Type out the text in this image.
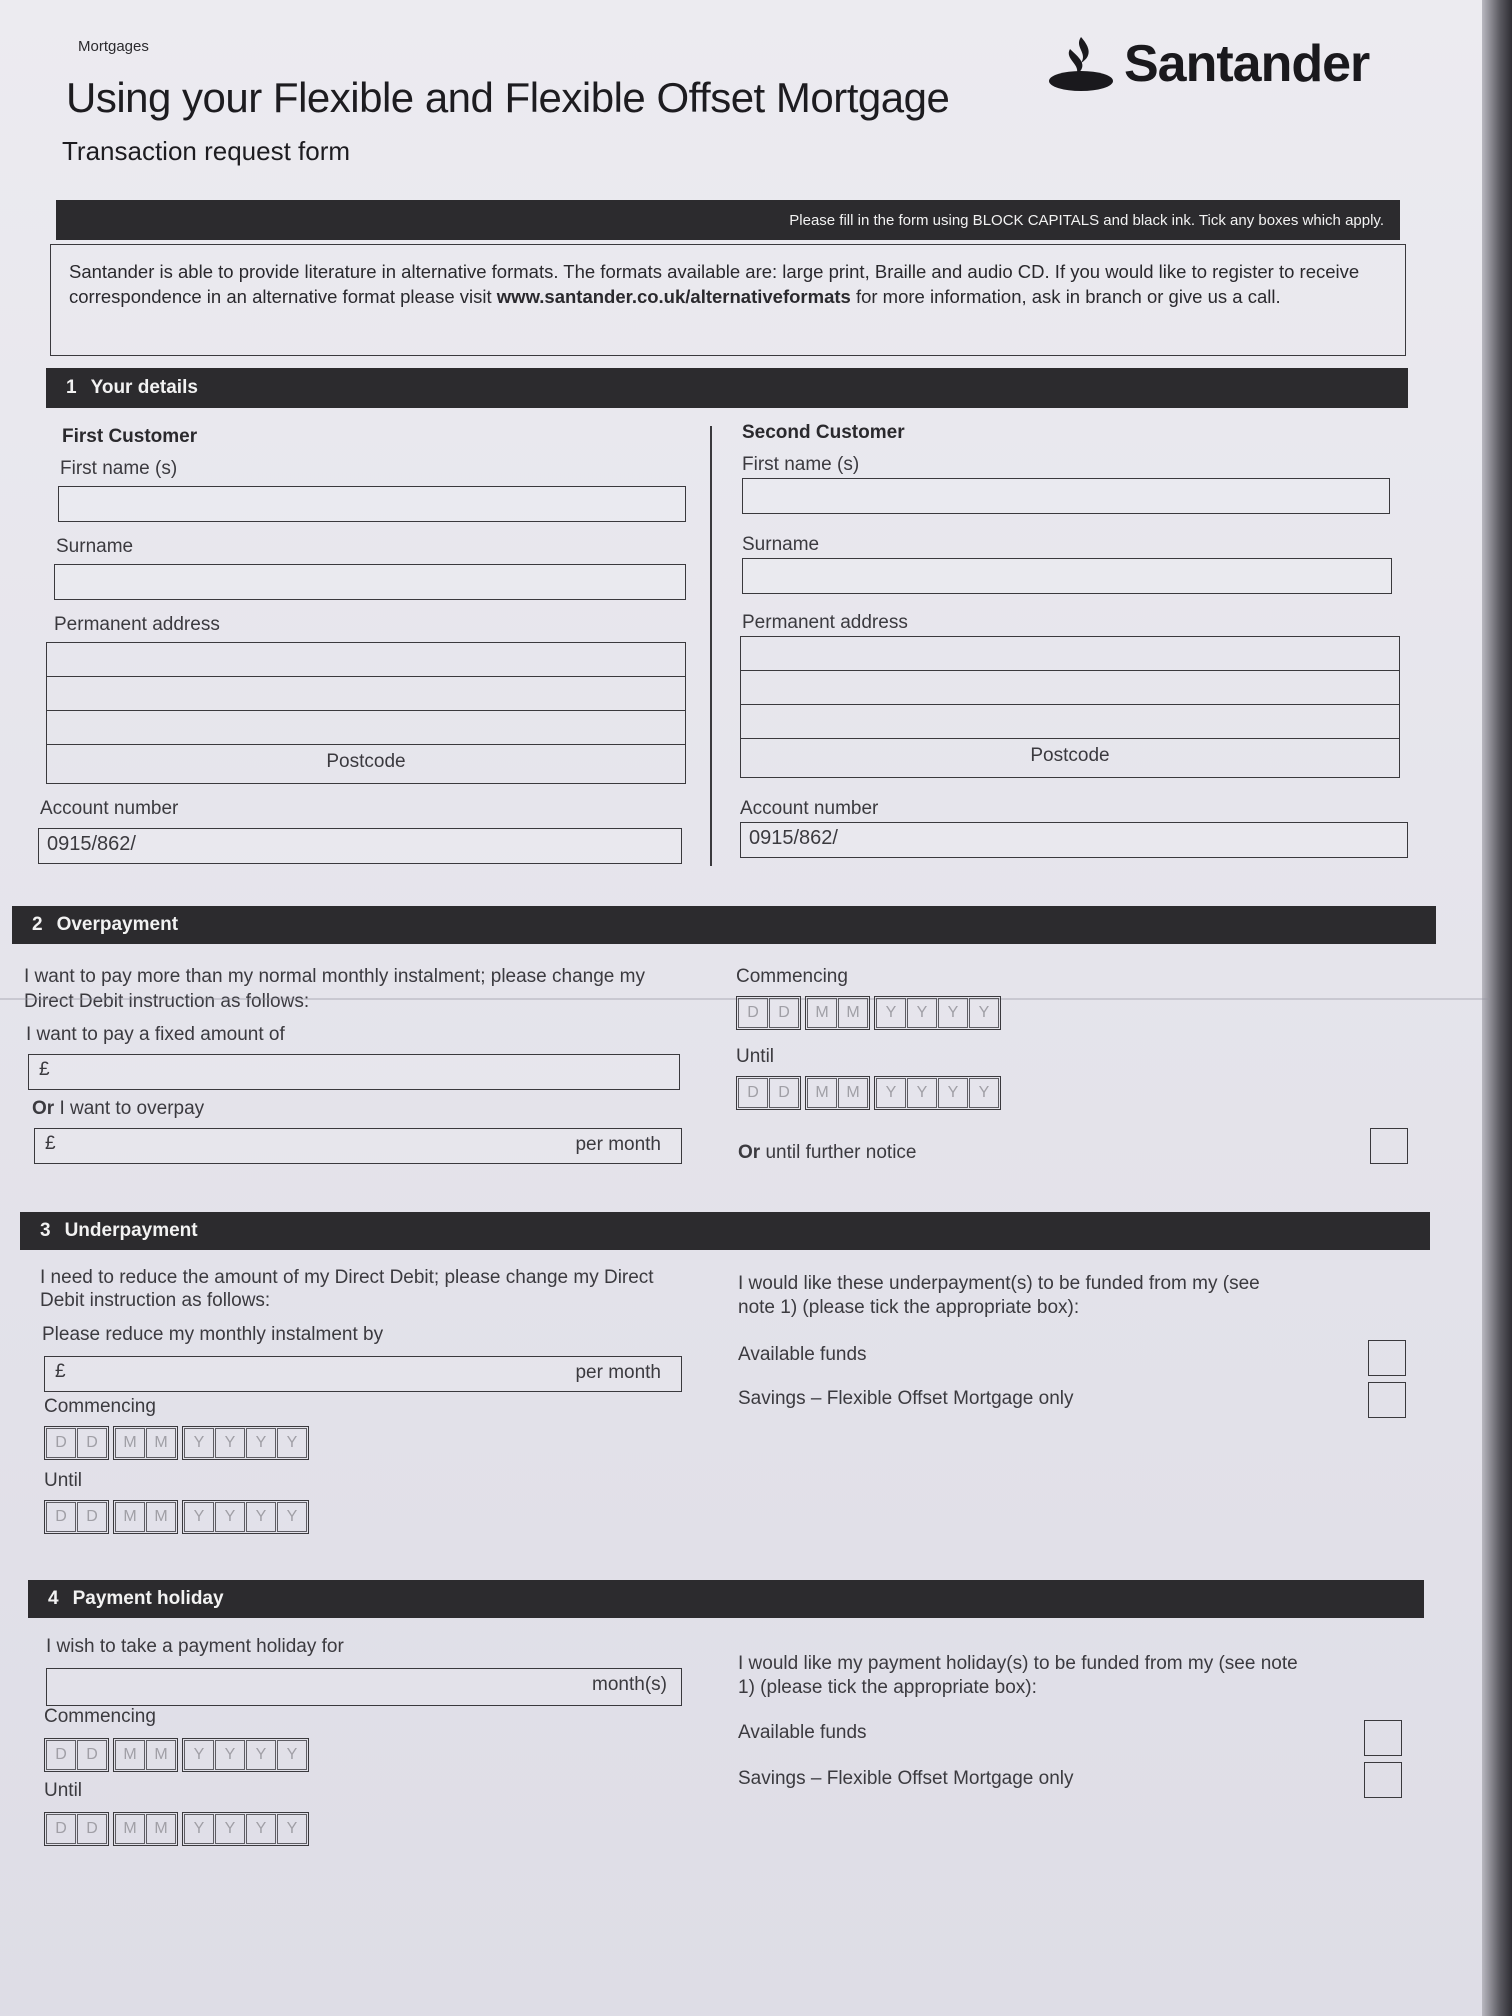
Mortgages
Using your Flexible and Flexible Offset Mortgage
Transaction request form
Santander
Please fill in the form using BLOCK CAPITALS and black ink. Tick any boxes which apply.
Santander is able to provide literature in alternative formats. The formats available are: large print, Braille and audio CD. If you would like to register to receive correspondence in an alternative format please visit www.santander.co.uk/alternativeformats for more information, ask in branch or give us a call.
1 Your details
First Customer
First name (s)
Surname
Permanent address
Postcode
Account number
0915/862/
Second Customer
First name (s)
Surname
Permanent address
Postcode
Account number
0915/862/
2 Overpayment
I want to pay more than my normal monthly instalment; please change my Direct Debit instruction as follows:
I want to pay a fixed amount of
£
Or I want to overpay
£	per month
Commencing
D	D	M	M	Y	Y	Y	Y
Until
D	D	M	M	Y	Y	Y	Y
Or until further notice
3 Underpayment
I need to reduce the amount of my Direct Debit; please change my Direct Debit instruction as follows:
Please reduce my monthly instalment by
£	per month
Commencing
D	D	M	M	Y	Y	Y	Y
Until
D	D	M	M	Y	Y	Y	Y
I would like these underpayment(s) to be funded from my (see note 1) (please tick the appropriate box):
Available funds
Savings – Flexible Offset Mortgage only
4 Payment holiday
I wish to take a payment holiday for
month(s)
Commencing
D	D	M	M	Y	Y	Y	Y
Until
D	D	M	M	Y	Y	Y	Y
I would like my payment holiday(s) to be funded from my (see note 1) (please tick the appropriate box):
Available funds
Savings – Flexible Offset Mortgage only
